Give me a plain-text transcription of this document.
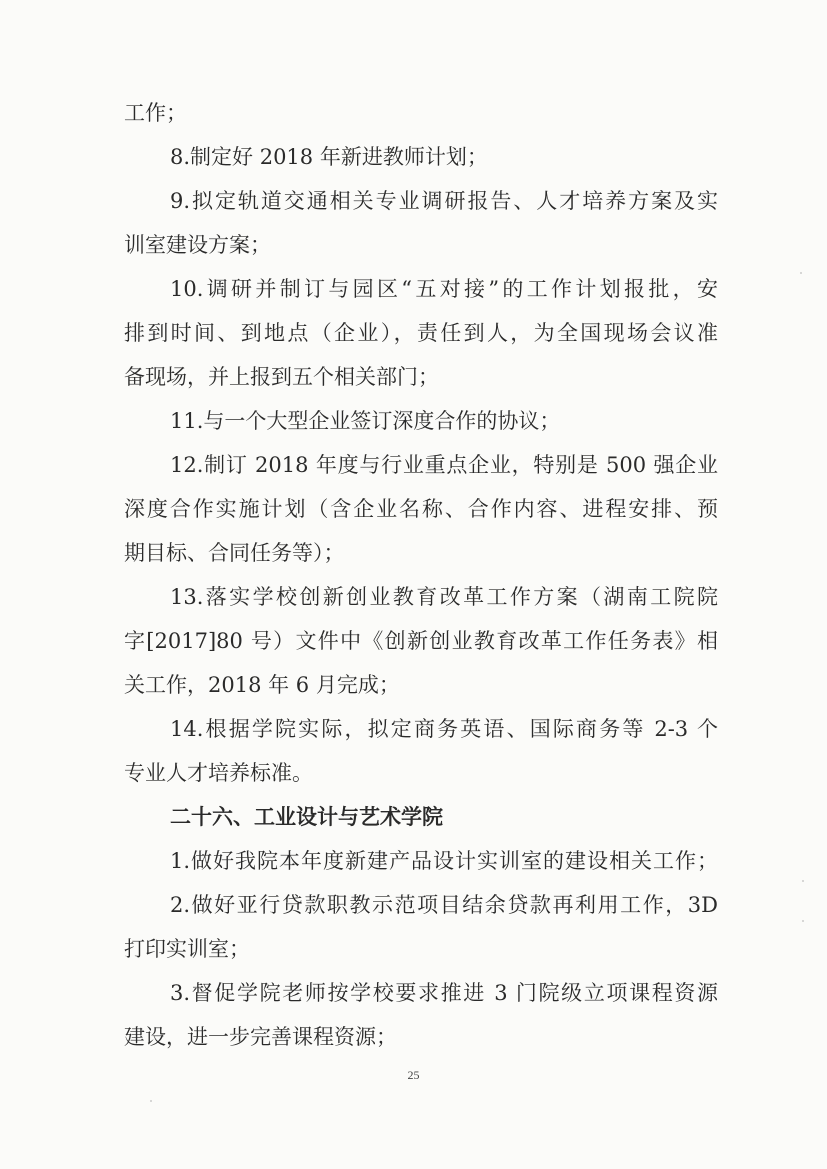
工作；
8.制定好 2018 年新进教师计划；
9.拟定轨道交通相关专业调研报告、人才培养方案及实
训室建设方案；
10.调研并制订与园区“五对接”的工作计划报批，安
排到时间、到地点（企业），责任到人，为全国现场会议准
备现场，并上报到五个相关部门；
11.与一个大型企业签订深度合作的协议；
12.制订 2018 年度与行业重点企业，特别是 500 强企业
深度合作实施计划（含企业名称、合作内容、进程安排、预
期目标、合同任务等）；
13.落实学校创新创业教育改革工作方案（湖南工院院
字[2017]80 号）文件中《创新创业教育改革工作任务表》相
关工作，2018 年 6 月完成；
14.根据学院实际，拟定商务英语、国际商务等 2-3 个
专业人才培养标准。
二十六、工业设计与艺术学院
1.做好我院本年度新建产品设计实训室的建设相关工作；
2.做好亚行贷款职教示范项目结余贷款再利用工作，3D
打印实训室；
3.督促学院老师按学校要求推进 3 门院级立项课程资源
建设，进一步完善课程资源；
25
